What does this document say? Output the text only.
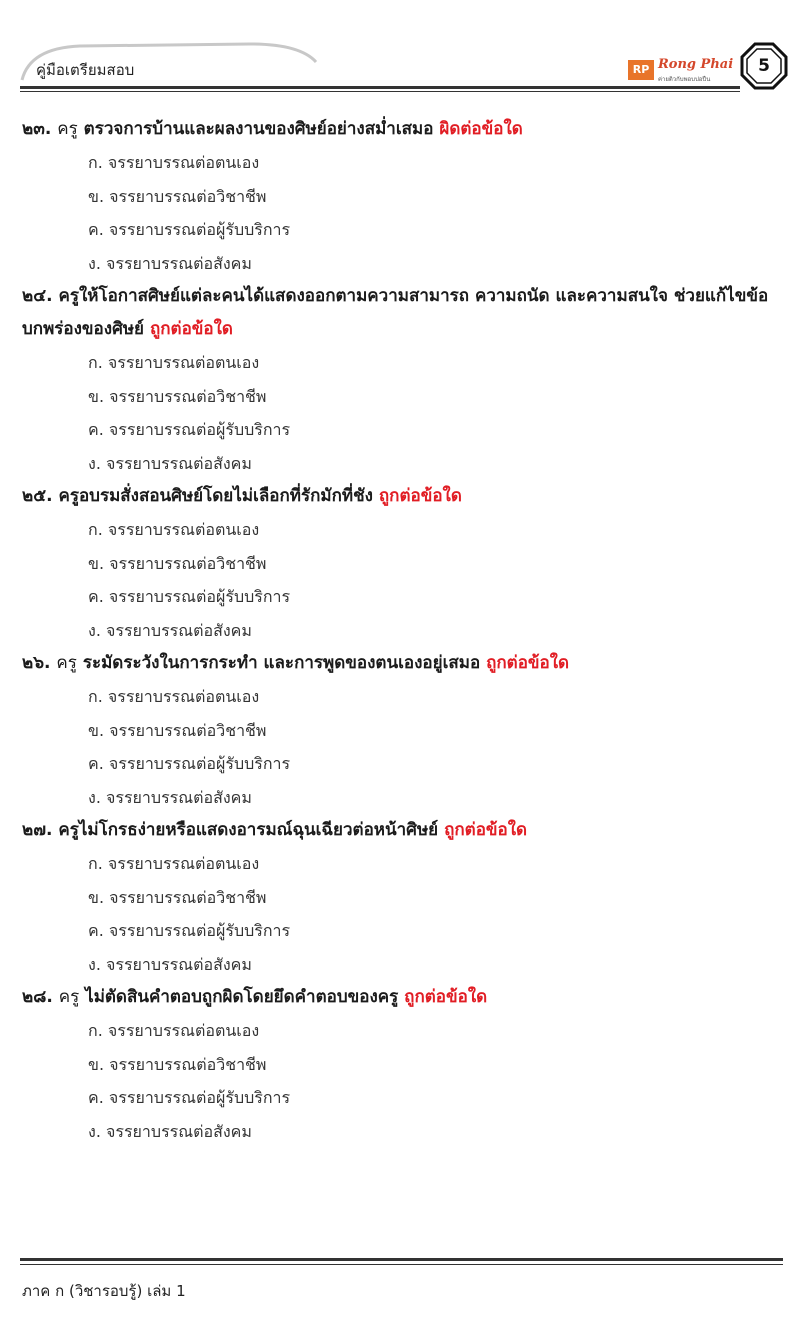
คู่มือเตรียมสอบ	RP Rong Phai
ค่ายติวกับพอบปอปืน
5
๒๓. ครู ตรวจการบ้านและผลงานของศิษย์อย่างสม่ำเสมอ ผิดต่อข้อใด
ก. จรรยาบรรณต่อตนเอง
ข. จรรยาบรรณต่อวิชาชีพ
ค. จรรยาบรรณต่อผู้รับบริการ
ง. จรรยาบรรณต่อสังคม
๒๔. ครูให้โอกาสศิษย์แต่ละคนได้แสดงออกตามความสามารถ ความถนัด และความสนใจ ช่วยแก้ไขข้อบกพร่องของศิษย์ ถูกต่อข้อใด
ก. จรรยาบรรณต่อตนเอง
ข. จรรยาบรรณต่อวิชาชีพ
ค. จรรยาบรรณต่อผู้รับบริการ
ง. จรรยาบรรณต่อสังคม
๒๕. ครูอบรมสั่งสอนศิษย์โดยไม่เลือกที่รักมักที่ชัง ถูกต่อข้อใด
ก. จรรยาบรรณต่อตนเอง
ข. จรรยาบรรณต่อวิชาชีพ
ค. จรรยาบรรณต่อผู้รับบริการ
ง. จรรยาบรรณต่อสังคม
๒๖. ครู ระมัดระวังในการกระทำ และการพูดของตนเองอยู่เสมอ ถูกต่อข้อใด
ก. จรรยาบรรณต่อตนเอง
ข. จรรยาบรรณต่อวิชาชีพ
ค. จรรยาบรรณต่อผู้รับบริการ
ง. จรรยาบรรณต่อสังคม
๒๗. ครูไม่โกรธง่ายหรือแสดงอารมณ์ฉุนเฉียวต่อหน้าศิษย์ ถูกต่อข้อใด
ก. จรรยาบรรณต่อตนเอง
ข. จรรยาบรรณต่อวิชาชีพ
ค. จรรยาบรรณต่อผู้รับบริการ
ง. จรรยาบรรณต่อสังคม
๒๘. ครู ไม่ตัดสินคำตอบถูกผิดโดยยึดคำตอบของครู ถูกต่อข้อใด
ก. จรรยาบรรณต่อตนเอง
ข. จรรยาบรรณต่อวิชาชีพ
ค. จรรยาบรรณต่อผู้รับบริการ
ง. จรรยาบรรณต่อสังคม
ภาค ก (วิชารอบรู้) เล่ม 1
